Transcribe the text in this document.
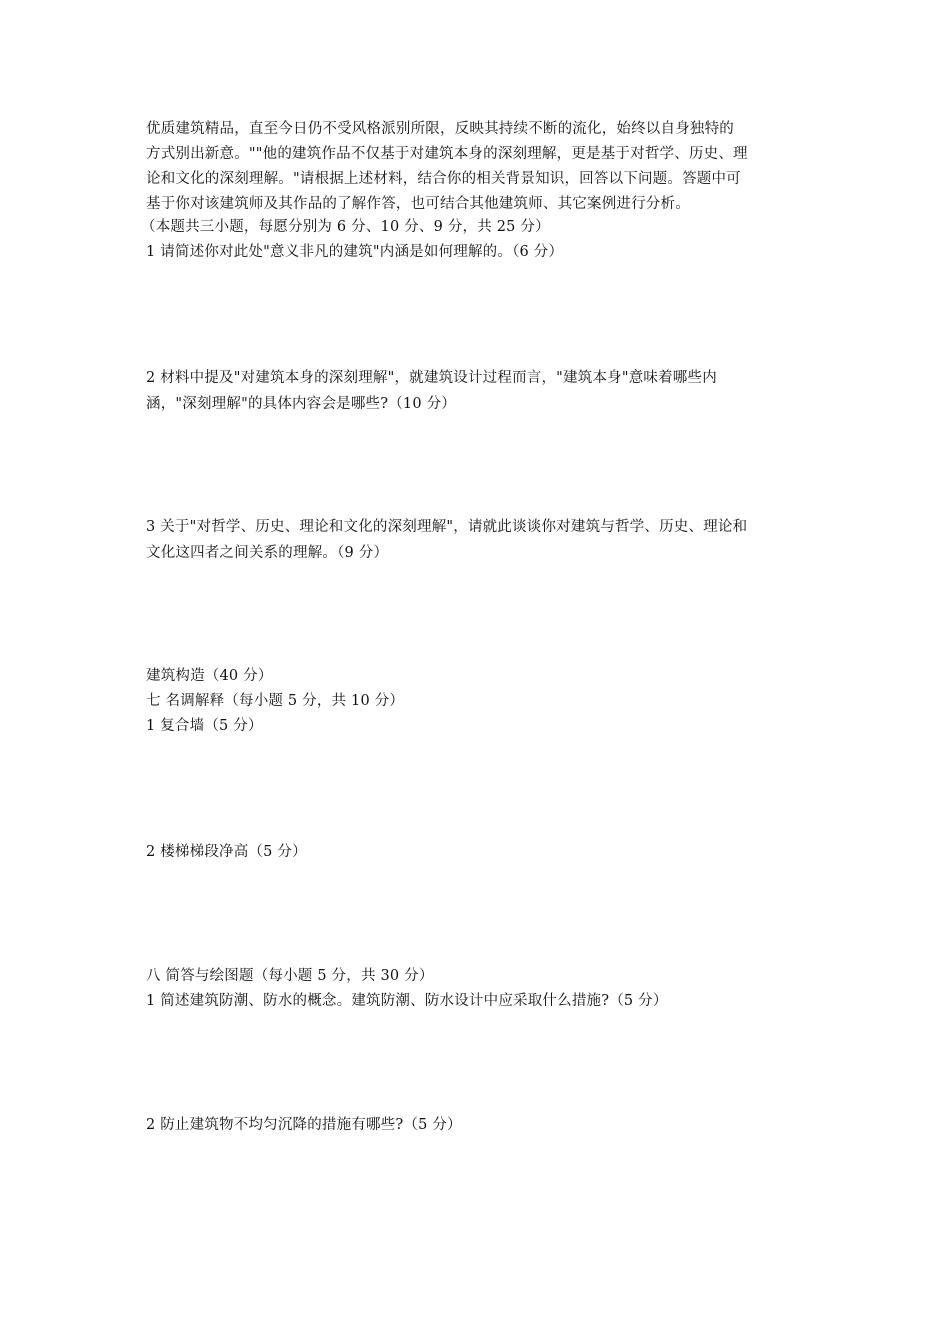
优质建筑精品，直至今日仍不受风格派别所限，反映其持续不断的流化，始终以自身独特的
方式别出新意。""他的建筑作品不仅基于对建筑本身的深刻理解，更是基于对哲学、历史、理
论和文化的深刻理解。"请根据上述材料，结合你的相关背景知识，回答以下问题。答题中可
基于你对该建筑师及其作品的了解作答，也可结合其他建筑师、其它案例进行分析。
（本题共三小题，每愿分别为 6 分、10 分、9 分，共 25 分）
1 请简述你对此处"意义非凡的建筑"内涵是如何理解的。（6 分）
2 材料中提及"对建筑本身的深刻理解"，就建筑设计过程而言，"建筑本身"意味着哪些内
涵，"深刻理解"的具体内容会是哪些?（10 分）
3 关于"对哲学、历史、理论和文化的深刻理解"，请就此谈谈你对建筑与哲学、历史、理论和
文化这四者之间关系的理解。（9 分）
建筑构造（40 分）
七 名调解释（每小题 5 分，共 10 分）
1 复合墙（5 分）
2 楼梯梯段净高（5 分）
八 简答与绘图题（每小题 5 分，共 30 分）
1 简述建筑防潮、防水的概念。建筑防潮、防水设计中应采取什么措施?（5 分）
2 防止建筑物不均匀沉降的措施有哪些?（5 分）
